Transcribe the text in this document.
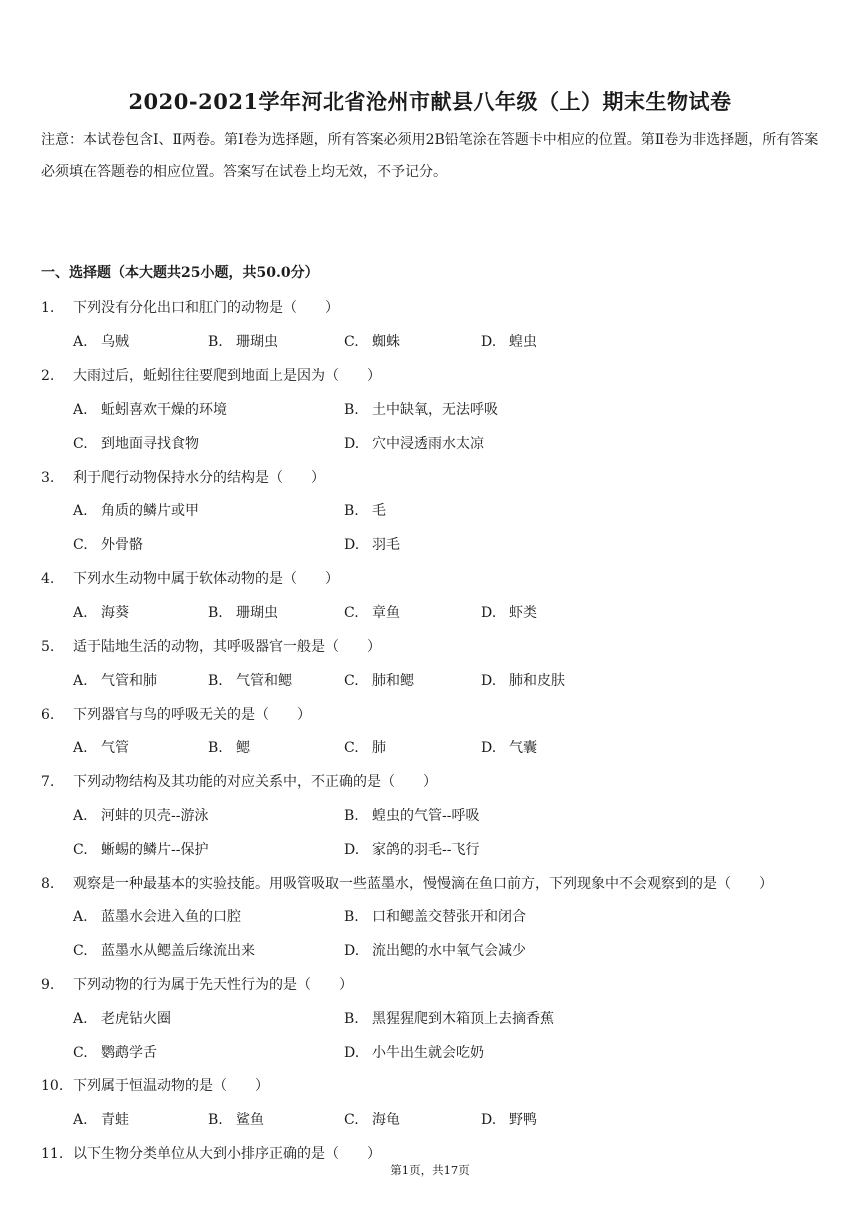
2020-2021学年河北省沧州市献县八年级（上）期末生物试卷
注意：本试卷包含Ⅰ、Ⅱ两卷。第Ⅰ卷为选择题，所有答案必须用2B铅笔涂在答题卡中相应的位置。第Ⅱ卷为非选择题，所有答案必须填在答题卷的相应位置。答案写在试卷上均无效，不予记分。
一、选择题（本大题共25小题，共50.0分）
1. 下列没有分化出口和肛门的动物是（　　）
A. 乌贼	B. 珊瑚虫	C. 蜘蛛	D. 蝗虫
2. 大雨过后，蚯蚓往往要爬到地面上是因为（　　）
A. 蚯蚓喜欢干燥的环境	B. 土中缺氧，无法呼吸
C. 到地面寻找食物	D. 穴中浸透雨水太凉
3. 利于爬行动物保持水分的结构是（　　）
A. 角质的鳞片或甲	B. 毛
C. 外骨骼	D. 羽毛
4. 下列水生动物中属于软体动物的是（　　）
A. 海葵	B. 珊瑚虫	C. 章鱼	D. 虾类
5. 适于陆地生活的动物，其呼吸器官一般是（　　）
A. 气管和肺	B. 气管和鳃	C. 肺和鳃	D. 肺和皮肤
6. 下列器官与鸟的呼吸无关的是（　　）
A. 气管	B. 鳃	C. 肺	D. 气囊
7. 下列动物结构及其功能的对应关系中，不正确的是（　　）
A. 河蚌的贝壳--游泳	B. 蝗虫的气管--呼吸
C. 蜥蜴的鳞片--保护	D. 家鸽的羽毛--飞行
8. 观察是一种最基本的实验技能。用吸管吸取一些蓝墨水，慢慢滴在鱼口前方，下列现象中不会观察到的是（　　）
A. 蓝墨水会进入鱼的口腔	B. 口和鳃盖交替张开和闭合
C. 蓝墨水从鳃盖后缘流出来	D. 流出鳃的水中氧气会减少
9. 下列动物的行为属于先天性行为的是（　　）
A. 老虎钻火圈	B. 黑猩猩爬到木箱顶上去摘香蕉
C. 鹦鹉学舌	D. 小牛出生就会吃奶
10. 下列属于恒温动物的是（　　）
A. 青蛙	B. 鲨鱼	C. 海龟	D. 野鸭
11. 以下生物分类单位从大到小排序正确的是（　　）
第1页，共17页
